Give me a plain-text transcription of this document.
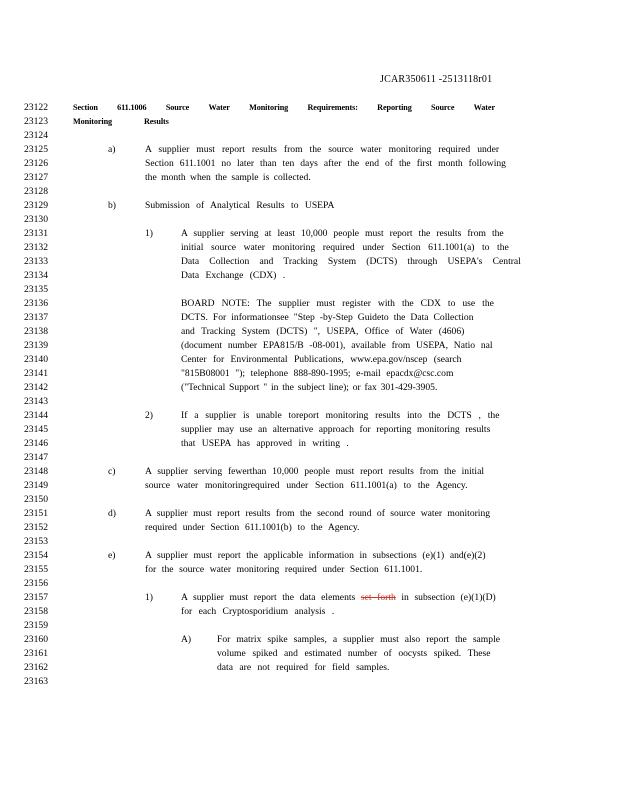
JCAR350611 -2513118r01
23122
23123
23124
23125
23126
23127
23128
23129
23130
23131
23132
23133
23134
23135
23136
23137
23138
23139
23140
23141
23142
23143
23144
23145
23146
23147
23148
23149
23150
23151
23152
23153
23154
23155
23156
23157
23158
23159
23160
23161
23162
23163
Section 611.1006 Source Water Monitoring Requirements: Reporting Source Water
Monitoring	Results
a)	A supplier must report results from the source water monitoring required under
Section 611.1001 no later than ten days after the end of the first month following
the month when the sample is collected.
b)	Submission of Analytical Results to USEPA
1)	A supplier serving at least 10,000 people must report the results from the
initial source water monitoring required under Section 611.1001(a) to the
Data Collection and Tracking System (DCTS) through USEPA's Central
Data Exchange (CDX) .
BOARD NOTE: The supplier must register with the CDX to use the
DCTS. For informationsee "Step -by-Step Guideto the Data Collection
and Tracking System (DCTS) ", USEPA, Office of Water (4606)
(document number EPA815/B -08-001), available from USEPA, Natio nal
Center for Environmental Publications, www.epa.gov/nscep (search
"815B08001 "); telephone 888-890-1995; e-mail epacdx@csc.com
("Technical Support " in the subject line); or fax 301-429-3905.
2)	If a supplier is unable toreport monitoring results into the DCTS , the
supplier may use an alternative approach for reporting monitoring results
that USEPA has approved in writing .
c)	A supplier serving fewerthan 10,000 people must report results from the initial
source water monitoringrequired under Section 611.1001(a) to the Agency.
d)	A supplier must report results from the second round of source water monitoring
required under Section 611.1001(b) to the Agency.
e)	A supplier must report the applicable information in subsections (e)(1) and(e)(2)
for the source water monitoring required under Section 611.1001.
1)	A supplier must report the data elements set forth in subsection (e)(1)(D)
for each Cryptosporidium analysis .
A)	For matrix spike samples, a supplier must also report the sample
volume spiked and estimated number of oocysts spiked. These
data are not required for field samples.
